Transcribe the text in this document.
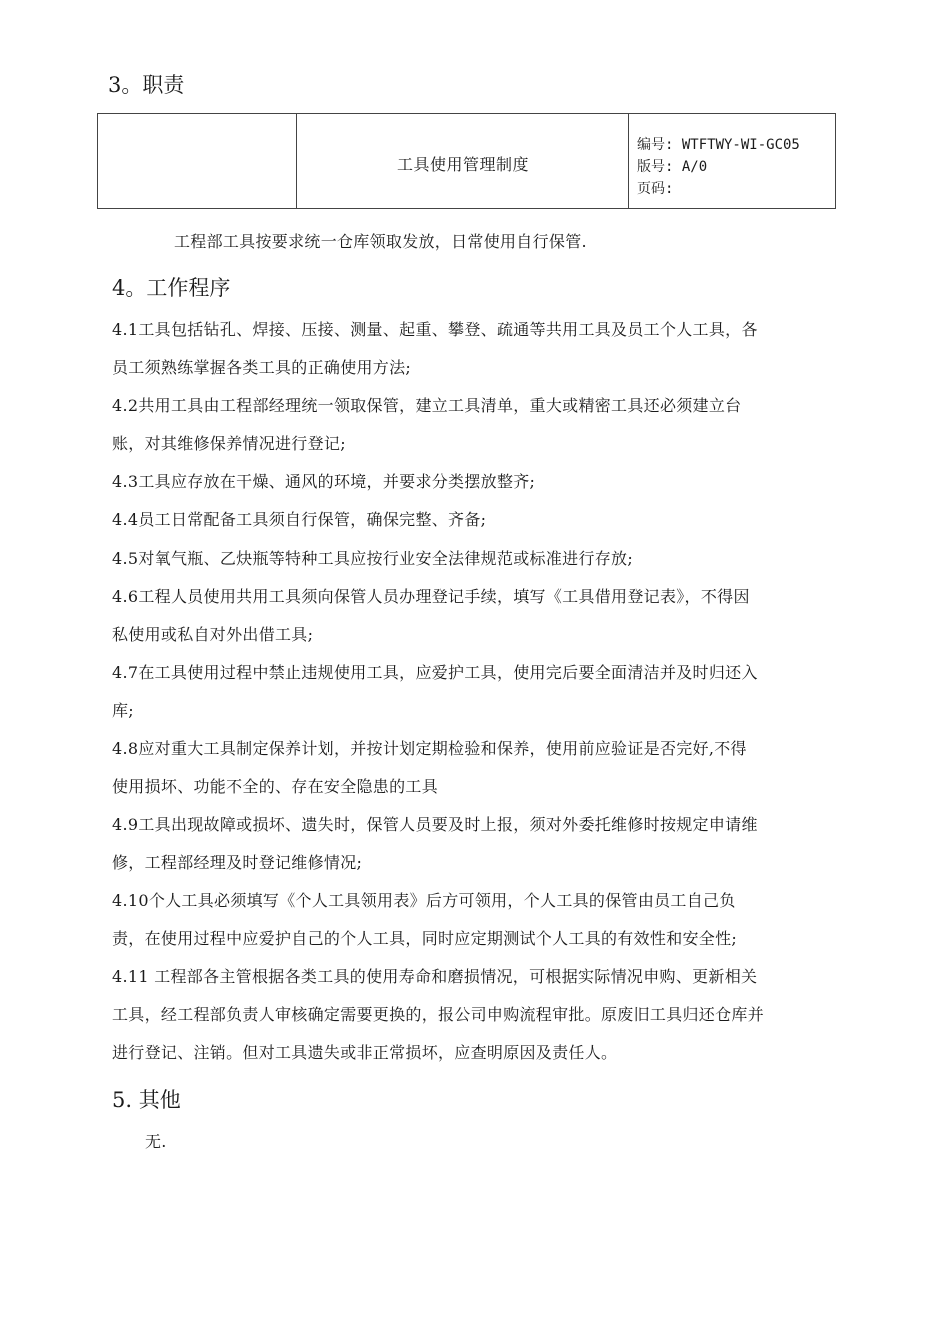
3。职责
工具使用管理制度
编号: WTFTWY-WI-GC05
版号: A/0
页码:
工程部工具按要求统一仓库领取发放，日常使用自行保管.
4。工作程序
4.1工具包括钻孔、焊接、压接、测量、起重、攀登、疏通等共用工具及员工个人工具，各
员工须熟练掌握各类工具的正确使用方法;
4.2共用工具由工程部经理统一领取保管，建立工具清单，重大或精密工具还必须建立台
账，对其维修保养情况进行登记;
4.3工具应存放在干燥、通风的环境，并要求分类摆放整齐;
4.4员工日常配备工具须自行保管，确保完整、齐备;
4.5对氧气瓶、乙炔瓶等特种工具应按行业安全法律规范或标准进行存放;
4.6工程人员使用共用工具须向保管人员办理登记手续，填写《工具借用登记表》，不得因
私使用或私自对外出借工具;
4.7在工具使用过程中禁止违规使用工具，应爱护工具，使用完后要全面清洁并及时归还入
库;
4.8应对重大工具制定保养计划，并按计划定期检验和保养，使用前应验证是否完好,不得
使用损坏、功能不全的、存在安全隐患的工具
4.9工具出现故障或损坏、遗失时，保管人员要及时上报，须对外委托维修时按规定申请维
修，工程部经理及时登记维修情况;
4.10个人工具必须填写《个人工具领用表》后方可领用，个人工具的保管由员工自己负
责，在使用过程中应爱护自己的个人工具，同时应定期测试个人工具的有效性和安全性;
4.11 工程部各主管根据各类工具的使用寿命和磨损情况，可根据实际情况申购、更新相关
工具，经工程部负责人审核确定需要更换的，报公司申购流程审批。原废旧工具归还仓库并
进行登记、注销。但对工具遗失或非正常损坏，应查明原因及责任人。
5. 其他
无.
